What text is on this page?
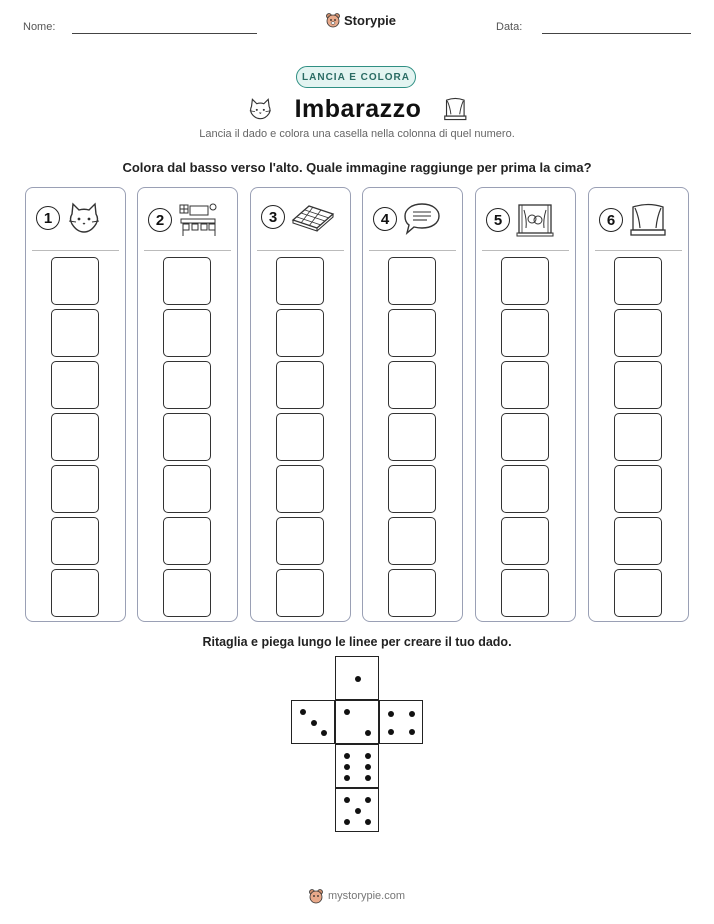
Nome:	Storypie	Data:
LANCIA E COLORA
Imbarazzo
Lancia il dado e colora una casella nella colonna di quel numero.
Colora dal basso verso l'alto. Quale immagine raggiunge per prima la cima?
1	2	3	4	5	6
Ritaglia e piega lungo le linee per creare il tuo dado.
mystorypie.com
